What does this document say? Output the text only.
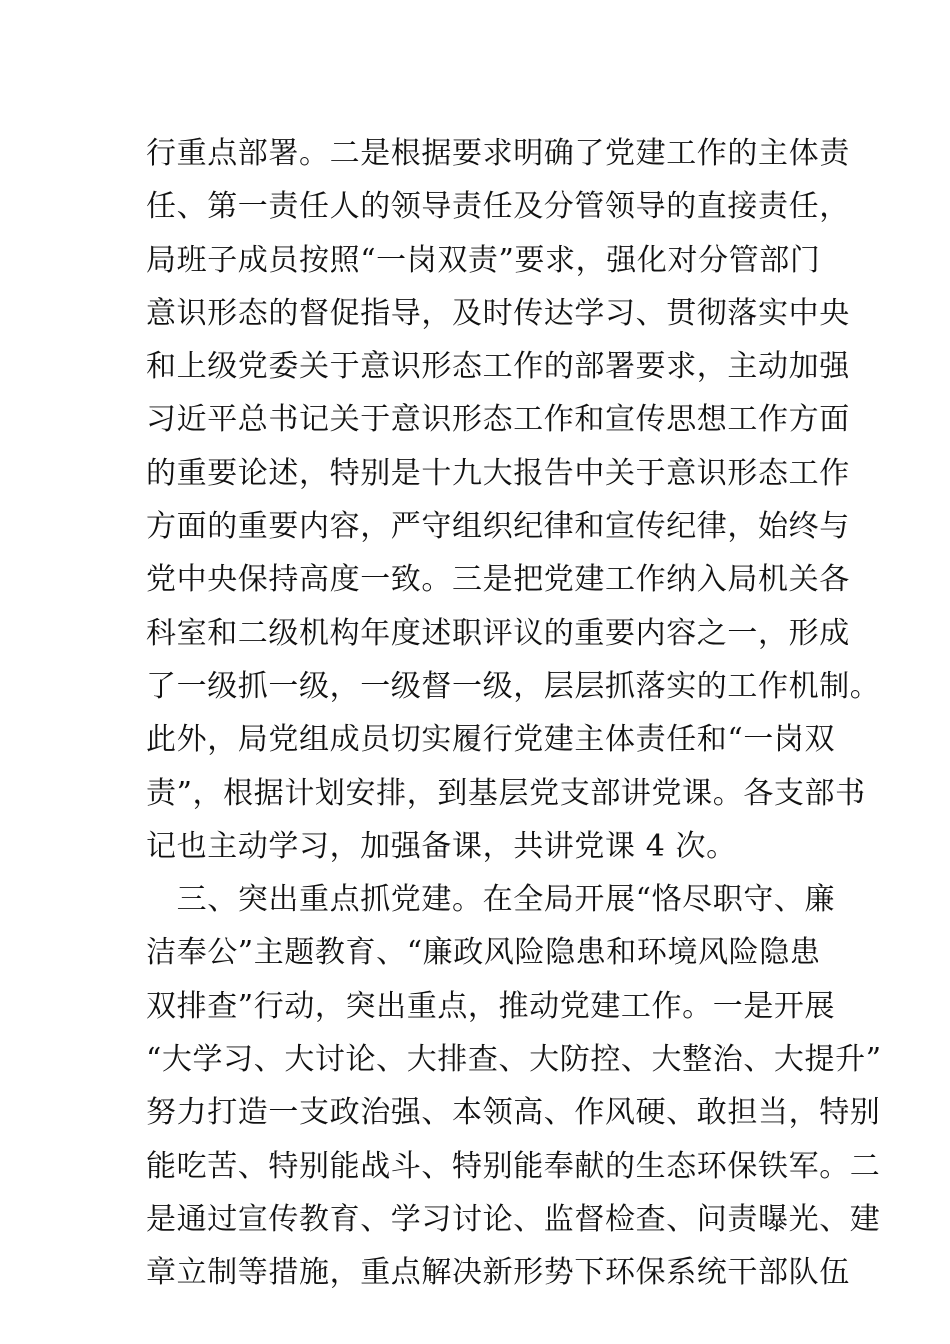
行重点部署。二是根据要求明确了党建工作的主体责
任、第一责任人的领导责任及分管领导的直接责任，
局班子成员按照“一岗双责”要求，强化对分管部门
意识形态的督促指导，及时传达学习、贯彻落实中央
和上级党委关于意识形态工作的部署要求，主动加强
习近平总书记关于意识形态工作和宣传思想工作方面
的重要论述，特别是十九大报告中关于意识形态工作
方面的重要内容，严守组织纪律和宣传纪律，始终与
党中央保持高度一致。三是把党建工作纳入局机关各
科室和二级机构年度述职评议的重要内容之一，形成
了一级抓一级，一级督一级，层层抓落实的工作机制。
此外，局党组成员切实履行党建主体责任和“一岗双
责”，根据计划安排，到基层党支部讲党课。各支部书
记也主动学习，加强备课，共讲党课 4 次。
　三、突出重点抓党建。在全局开展“恪尽职守、廉
洁奉公”主题教育、“廉政风险隐患和环境风险隐患
双排查”行动，突出重点，推动党建工作。一是开展
“大学习、大讨论、大排查、大防控、大整治、大提升”
努力打造一支政治强、本领高、作风硬、敢担当，特别
能吃苦、特别能战斗、特别能奉献的生态环保铁军。二
是通过宣传教育、学习讨论、监督检查、问责曝光、建
章立制等措施，重点解决新形势下环保系统干部队伍
